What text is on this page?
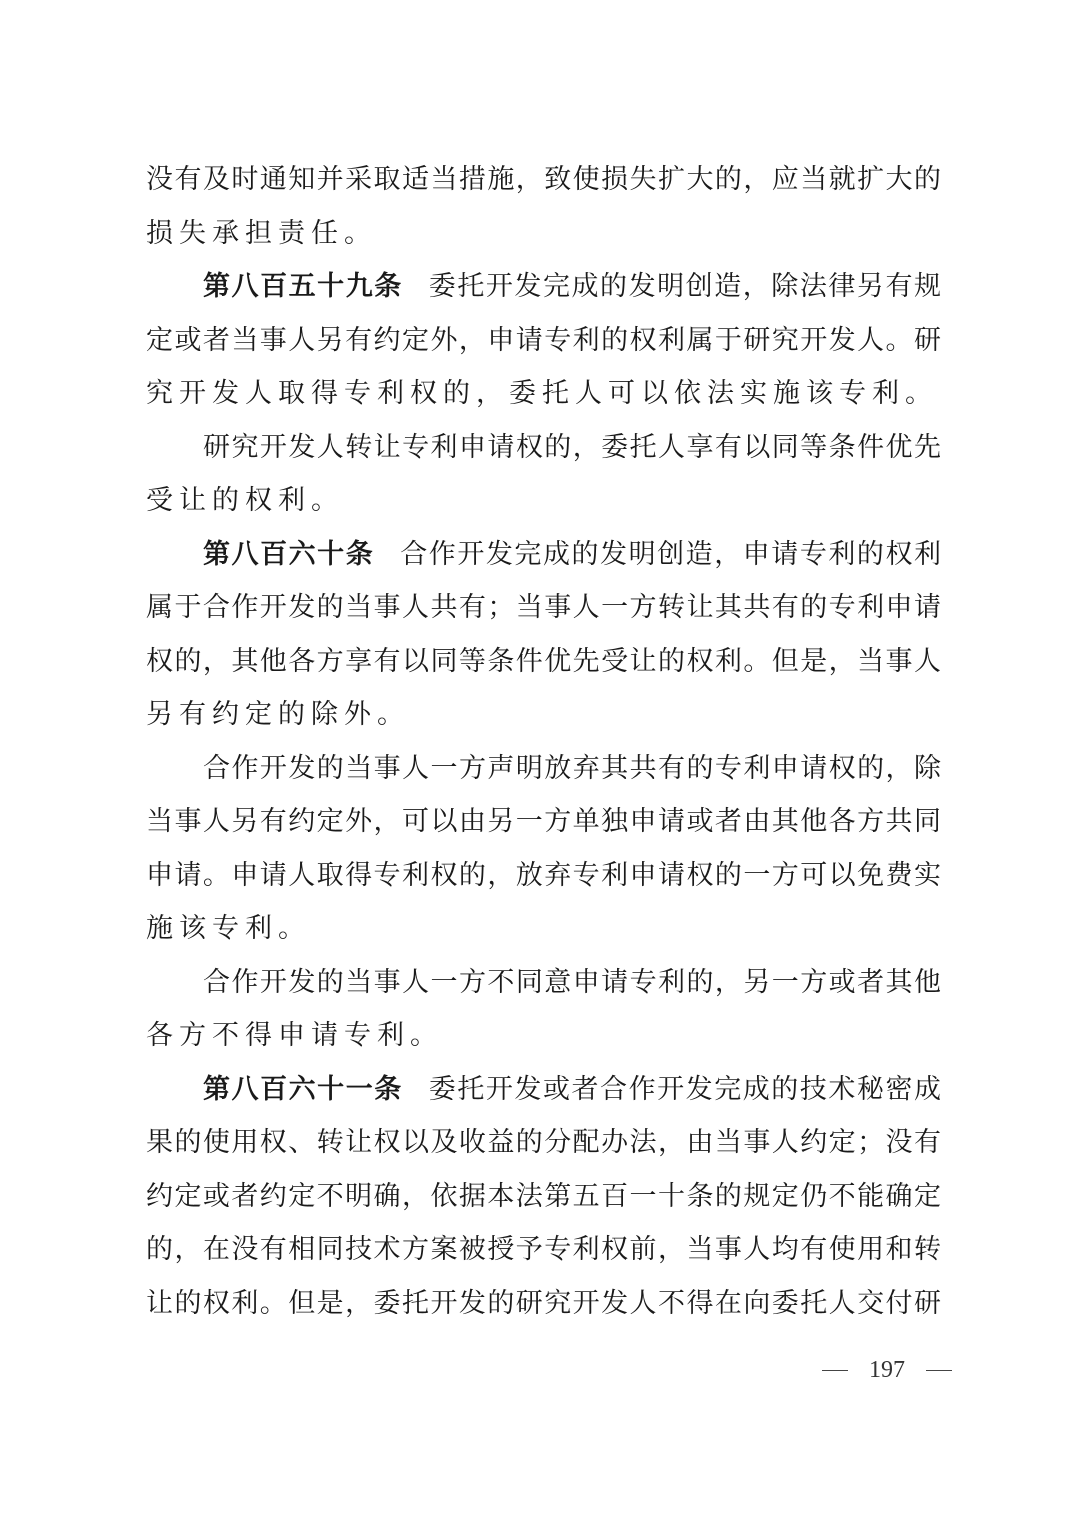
没有及时通知并采取适当措施，致使损失扩大的，应当就扩大的
损失承担责任。
第八百五十九条 委托开发完成的发明创造，除法律另有规
定或者当事人另有约定外，申请专利的权利属于研究开发人。研
究开发人取得专利权的，委托人可以依法实施该专利。
研究开发人转让专利申请权的，委托人享有以同等条件优先
受让的权利。
第八百六十条 合作开发完成的发明创造，申请专利的权利
属于合作开发的当事人共有；当事人一方转让其共有的专利申请
权的，其他各方享有以同等条件优先受让的权利。但是，当事人
另有约定的除外。
合作开发的当事人一方声明放弃其共有的专利申请权的，除
当事人另有约定外，可以由另一方单独申请或者由其他各方共同
申请。申请人取得专利权的，放弃专利申请权的一方可以免费实
施该专利。
合作开发的当事人一方不同意申请专利的，另一方或者其他
各方不得申请专利。
第八百六十一条 委托开发或者合作开发完成的技术秘密成
果的使用权、转让权以及收益的分配办法，由当事人约定；没有
约定或者约定不明确，依据本法第五百一十条的规定仍不能确定
的，在没有相同技术方案被授予专利权前，当事人均有使用和转
让的权利。但是，委托开发的研究开发人不得在向委托人交付研
197
